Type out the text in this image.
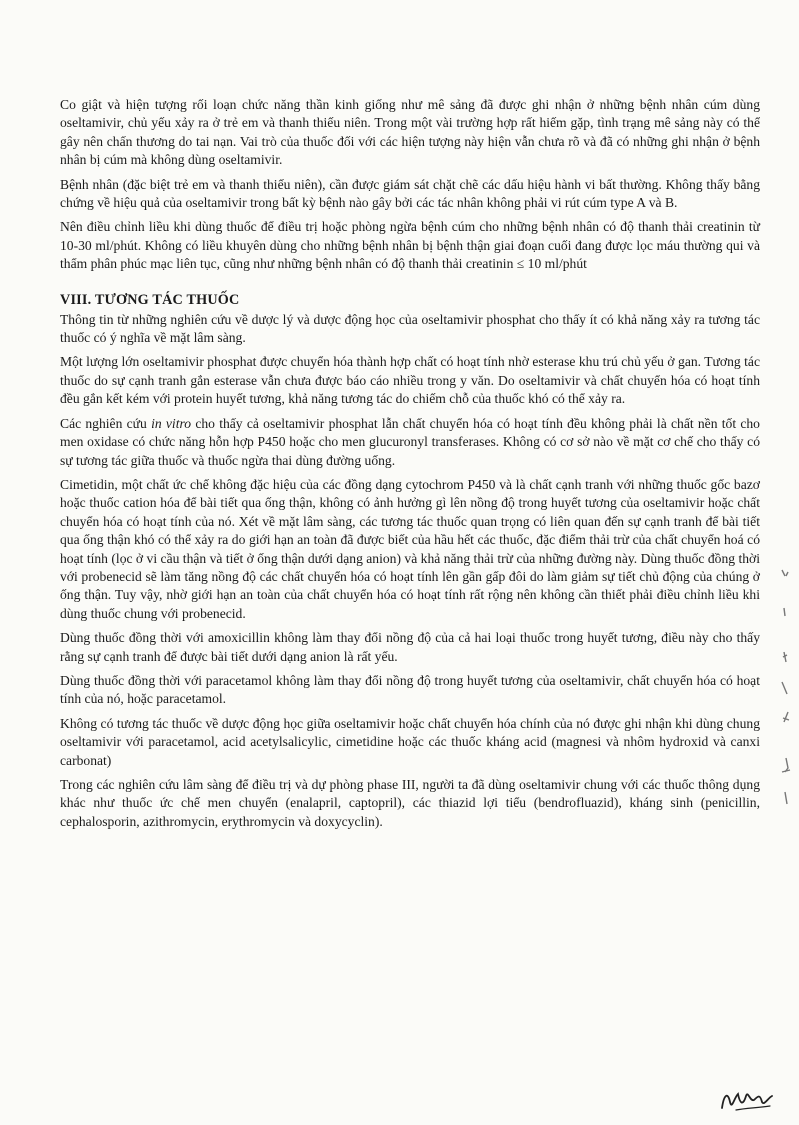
Co giật và hiện tượng rối loạn chức năng thần kinh giống như mê sảng đã được ghi nhận ở những bệnh nhân cúm dùng oseltamivir, chủ yếu xảy ra ở trẻ em và thanh thiếu niên. Trong một vài trường hợp rất hiếm gặp, tình trạng mê sảng này có thể gây nên chấn thương do tai nạn. Vai trò của thuốc đối với các hiện tượng này hiện vẫn chưa rõ và đã có những ghi nhận ở bệnh nhân bị cúm mà không dùng oseltamivir.

Bệnh nhân (đặc biệt trẻ em và thanh thiếu niên), cần được giám sát chặt chẽ các dấu hiệu hành vi bất thường. Không thấy bằng chứng về hiệu quả của oseltamivir trong bất kỳ bệnh nào gây bởi các tác nhân không phải vi rút cúm type A và B.

Nên điều chỉnh liều khi dùng thuốc để điều trị hoặc phòng ngừa bệnh cúm cho những bệnh nhân có độ thanh thải creatinin từ 10-30 ml/phút. Không có liều khuyên dùng cho những bệnh nhân bị bệnh thận giai đoạn cuối đang được lọc máu thường qui và thẩm phân phúc mạc liên tục, cũng như những bệnh nhân có độ thanh thải creatinin ≤ 10 ml/phút

VIII. TƯƠNG TÁC THUỐC

Thông tin từ những nghiên cứu về dược lý và dược động học của oseltamivir phosphat cho thấy ít có khả năng xảy ra tương tác thuốc có ý nghĩa về mặt lâm sàng.

Một lượng lớn oseltamivir phosphat được chuyển hóa thành hợp chất có hoạt tính nhờ esterase khu trú chủ yếu ở gan. Tương tác thuốc do sự cạnh tranh gắn esterase vẫn chưa được báo cáo nhiều trong y văn. Do oseltamivir và chất chuyển hóa có hoạt tính đều gắn kết kém với protein huyết tương, khả năng tương tác do chiếm chỗ của thuốc khó có thể xảy ra.

Các nghiên cứu in vitro cho thấy cả oseltamivir phosphat lẫn chất chuyển hóa có hoạt tính đều không phải là chất nền tốt cho men oxidase có chức năng hỗn hợp P450 hoặc cho men glucuronyl transferases. Không có cơ sở nào về mặt cơ chế cho thấy có sự tương tác giữa thuốc và thuốc ngừa thai dùng đường uống.

Cimetidin, một chất ức chế không đặc hiệu của các đồng dạng cytochrom P450 và là chất cạnh tranh với những thuốc gốc bazơ hoặc thuốc cation hóa để bài tiết qua ống thận, không có ảnh hưởng gì lên nồng độ trong huyết tương của oseltamivir hoặc chất chuyển hóa có hoạt tính của nó. Xét về mặt lâm sàng, các tương tác thuốc quan trọng có liên quan đến sự cạnh tranh để bài tiết qua ống thận khó có thể xảy ra do giới hạn an toàn đã được biết của hầu hết các thuốc, đặc điểm thải trừ của chất chuyển hoá có hoạt tính (lọc ở vi cầu thận và tiết ở ống thận dưới dạng anion) và khả năng thải trừ của những đường này. Dùng thuốc đồng thời với probenecid sẽ làm tăng nồng độ các chất chuyển hóa có hoạt tính lên gần gấp đôi do làm giảm sự tiết chủ động của chúng ở ống thận. Tuy vậy, nhờ giới hạn an toàn của chất chuyển hóa có hoạt tính rất rộng nên không cần thiết phải điều chỉnh liều khi dùng thuốc chung với probenecid.

Dùng thuốc đồng thời với amoxicillin không làm thay đổi nồng độ của cả hai loại thuốc trong huyết tương, điều này cho thấy rằng sự cạnh tranh để được bài tiết dưới dạng anion là rất yếu.

Dùng thuốc đồng thời với paracetamol không làm thay đổi nồng độ trong huyết tương của oseltamivir, chất chuyển hóa có hoạt tính của nó, hoặc paracetamol.

Không có tương tác thuốc về dược động học giữa oseltamivir hoặc chất chuyển hóa chính của nó được ghi nhận khi dùng chung oseltamivir với paracetamol, acid acetylsalicylic, cimetidine hoặc các thuốc kháng acid (magnesi và nhôm hydroxid và canxi carbonat)

Trong các nghiên cứu lâm sàng để điều trị và dự phòng phase III, người ta đã dùng oseltamivir chung với các thuốc thông dụng khác như thuốc ức chế men chuyển (enalapril, captopril), các thiazid lợi tiểu (bendrofluazid), kháng sinh (penicillin, cephalosporin, azithromycin, erythromycin và doxycyclin).
